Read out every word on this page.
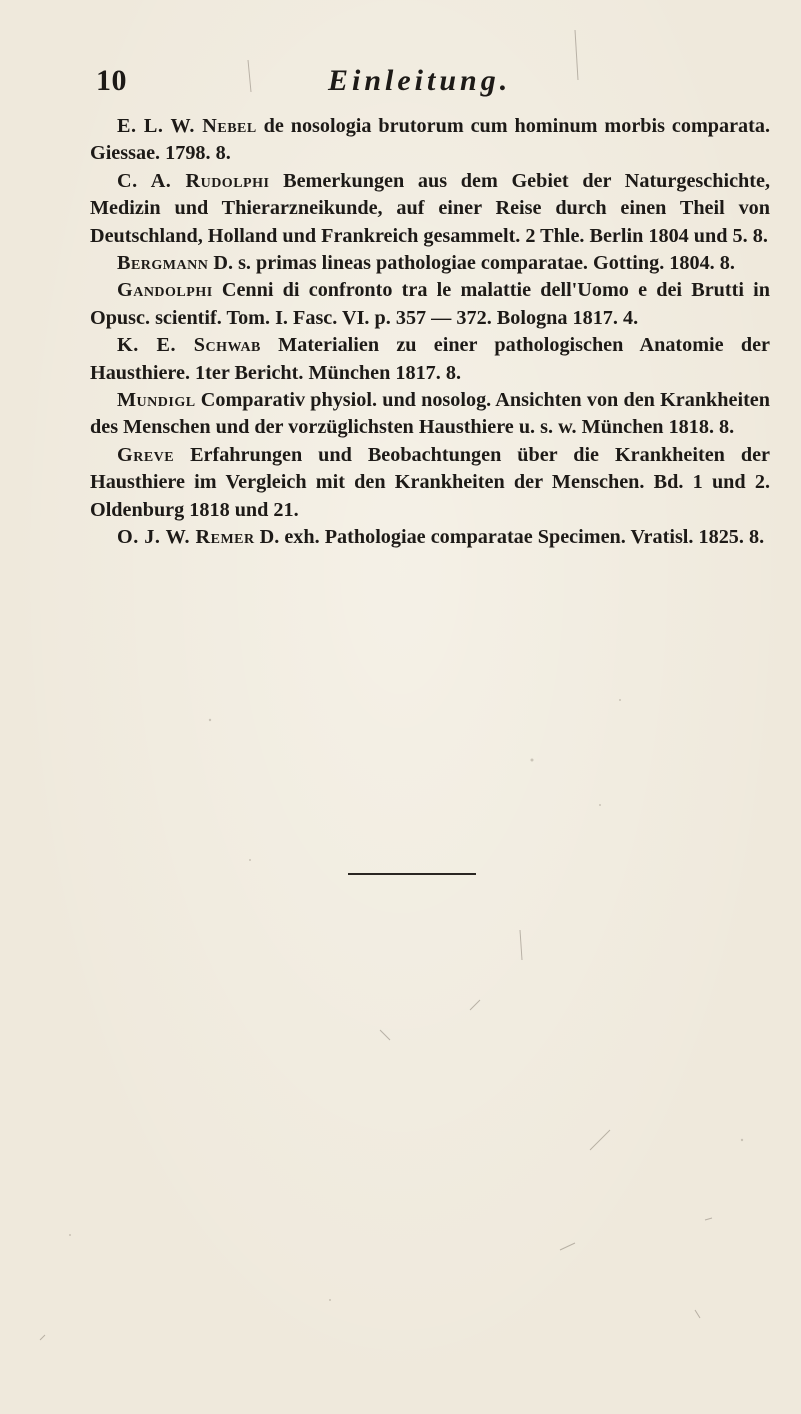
10	Einleitung.

E. L. W. Nebel de nosologia brutorum cum hominum morbis comparata. Giessae. 1798. 8.

C. A. Rudolphi Bemerkungen aus dem Gebiet der Naturgeschichte, Medizin und Thierarzneikunde, auf einer Reise durch einen Theil von Deutschland, Holland und Frankreich gesammelt. 2 Thle. Berlin 1804 und 5. 8.

Bergmann D. s. primas lineas pathologiae comparatae. Gotting. 1804. 8.

Gandolphi Cenni di confronto tra le malattie dell'Uomo e dei Brutti in Opusc. scientif. Tom. I. Fasc. VI. p. 357 — 372. Bologna 1817. 4.

K. E. Schwab Materialien zu einer pathologischen Anatomie der Hausthiere. 1ter Bericht. München 1817. 8.

Mundigl Comparativ physiol. und nosolog. Ansichten von den Krankheiten des Menschen und der vorzüglichsten Hausthiere u. s. w. München 1818. 8.

Greve Erfahrungen und Beobachtungen über die Krankheiten der Hausthiere im Vergleich mit den Krankheiten der Menschen. Bd. 1 und 2. Oldenburg 1818 und 21.

O. J. W. Remer D. exh. Pathologiae comparatae Specimen. Vratisl. 1825. 8.
